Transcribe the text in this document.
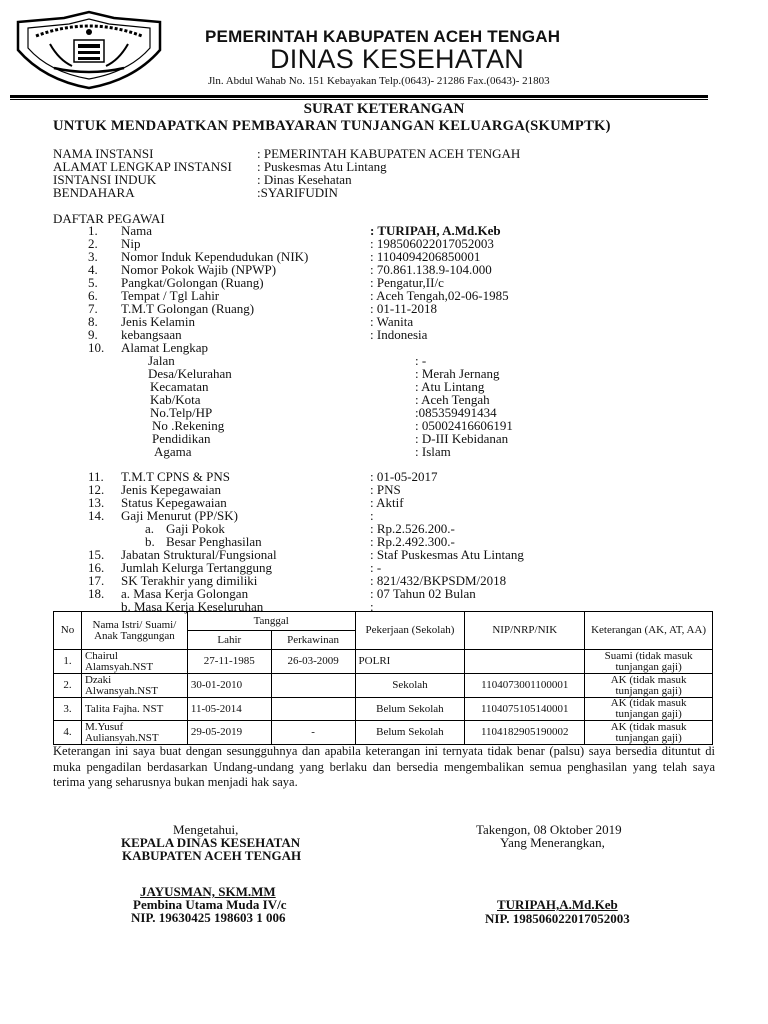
PEMERINTAH KABUPATEN ACEH TENGAH
DINAS KESEHATAN
Jln. Abdul Wahab No. 151 Kebayakan Telp.(0643)- 21286 Fax.(0643)- 21803
SURAT KETERANGAN
UNTUK MENDAPATKAN PEMBAYARAN TUNJANGAN KELUARGA(SKUMPTK)
NAMA INSTANSI	: PEMERINTAH KABUPATEN ACEH TENGAH
ALAMAT LENGKAP INSTANSI : Puskesmas Atu Lintang
ISNTANSI INDUK	: Dinas Kesehatan
BENDAHARA	:SYARIFUDIN
DAFTAR PEGAWAI
1. Nama	: TURIPAH, A.Md.Keb
2. Nip	: 198506022017052003
3. Nomor Induk Kependudukan (NIK)	: 1104094206850001
4. Nomor Pokok Wajib (NPWP)	: 70.861.138.9-104.000
5. Pangkat/Golongan (Ruang)	: Pengatur,II/c
6. Tempat / Tgl Lahir	: Aceh Tengah,02-06-1985
7. T.M.T Golongan (Ruang)	: 01-11-2018
8. Jenis Kelamin	: Wanita
9. kebangsaan	: Indonesia
10. Alamat Lengkap
Jalan	: -
Desa/Kelurahan	: Merah Jernang
Kecamatan	: Atu Lintang
Kab/Kota	: Aceh Tengah
No.Telp/HP	:085359491434
No .Rekening	: 05002416606191
Pendidikan	: D-III Kebidanan
Agama	: Islam
11. T.M.T CPNS & PNS	: 01-05-2017
12. Jenis Kepegawaian	: PNS
13. Status Kepegawaian	: Aktif
14. Gaji Menurut (PP/SK)	:
a. Gaji Pokok	: Rp.2.526.200.-
b. Besar Penghasilan	: Rp.2.492.300.-
15. Jabatan Struktural/Fungsional	: Staf Puskesmas Atu Lintang
16. Jumlah Kelurga Tertanggung	: -
17. SK Terakhir yang dimiliki	: 821/432/BKPSDM/2018
18. a. Masa Kerja Golongan	: 07 Tahun 02 Bulan
b. Masa Kerja Keseluruhan	:
No	Nama Istri/ Suami/ Anak Tanggungan	Tanggal		Pekerjaan (Sekolah)	NIP/NRP/NIK	Keterangan (AK, AT, AA)
		Lahir	Perkawinan			
1.	Chairul Alamsyah.NST	27-11-1985	26-03-2009	POLRI		Suami (tidak masuk tunjangan gaji)
2.	Dzaki Alwansyah.NST	30-01-2010		Sekolah	1104073001100001	AK (tidak masuk tunjangan gaji)
3.	Talita Fajha. NST	11-05-2014		Belum Sekolah	1104075105140001	AK (tidak masuk tunjangan gaji)
4.	M.Yusuf Auliansyah.NST	29-05-2019	-	Belum Sekolah	1104182905190002	AK (tidak masuk tunjangan gaji)
Keterangan ini saya buat dengan sesungguhnya dan apabila keterangan ini ternyata tidak benar (palsu) saya bersedia dituntut di muka pengadilan berdasarkan Undang-undang yang berlaku dan bersedia mengembalikan semua penghasilan yang telah saya terima yang seharusnya bukan menjadi hak saya.
Mengetahui,
KEPALA DINAS KESEHATAN
KABUPATEN ACEH TENGAH
JAYUSMAN, SKM.MM
Pembina Utama Muda IV/c
NIP. 19630425 198603 1 006
Takengon, 08 Oktober 2019
Yang Menerangkan,
TURIPAH,A.Md.Keb
NIP. 198506022017052003
